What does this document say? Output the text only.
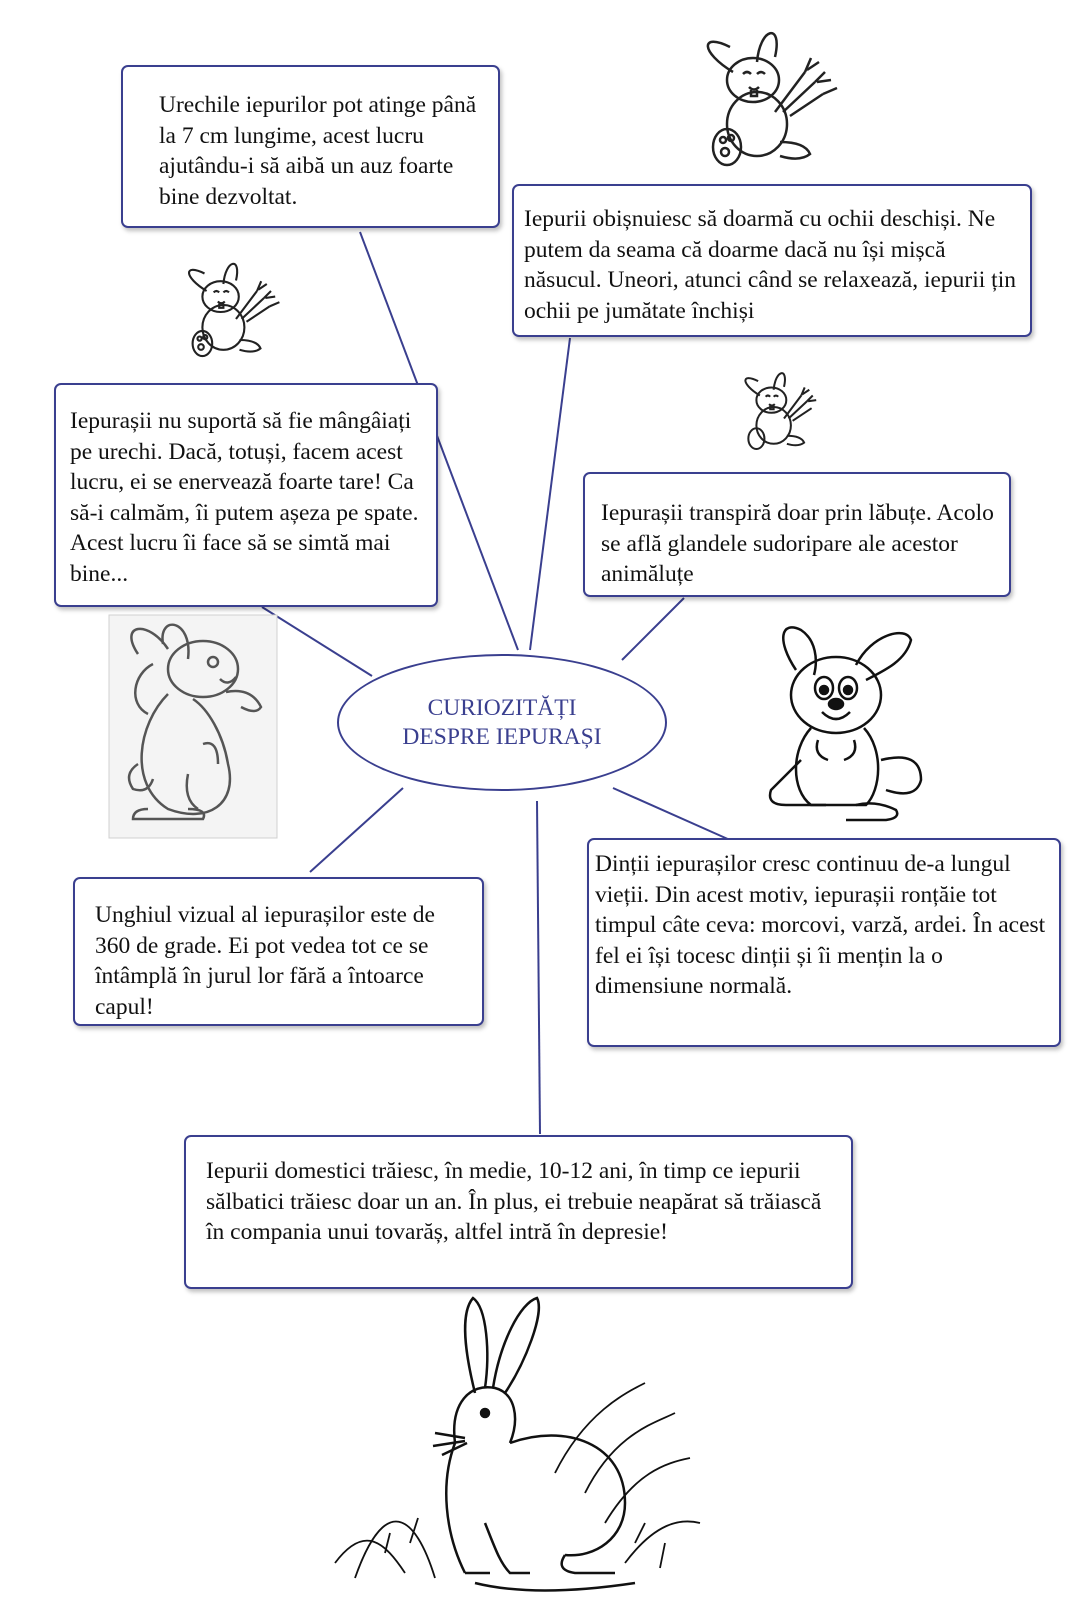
Urechile iepurilor pot atinge până la 7 cm lungime, acest lucru ajutându-i să aibă un auz foarte bine dezvoltat.
Iepurii obișnuiesc să doarmă cu ochii deschiși. Ne putem da seama că doarme dacă nu își mișcă năsucul. Uneori, atunci când se relaxează, iepurii țin ochii pe jumătate închiși
Iepurașii nu suportă să fie mângâiați pe urechi. Dacă, totuși, facem acest lucru, ei se enervează foarte tare! Ca să-i calmăm, îi putem așeza pe spate. Acest lucru îi face să se simtă mai bine...
Iepurașii transpiră doar prin lăbuțe. Acolo se află glandele sudoripare ale acestor animăluțe
Unghiul vizual al iepurașilor este de 360 de grade. Ei pot vedea tot ce se întâmplă în jurul lor fără a întoarce capul!
Dinții iepurașilor cresc continuu de-a lungul vieții. Din acest motiv, iepurașii ronțăie tot timpul câte ceva: morcovi, varză, ardei. În acest fel ei își tocesc dinții și îi mențin la o dimensiune normală.
Iepurii domestici trăiesc, în medie, 10-12 ani, în timp ce iepurii sălbatici trăiesc doar un an. În plus, ei trebuie neapărat să trăiască în compania unui tovarăș, altfel intră în depresie!
CURIOZITĂȚI DESPRE IEPURAȘI
